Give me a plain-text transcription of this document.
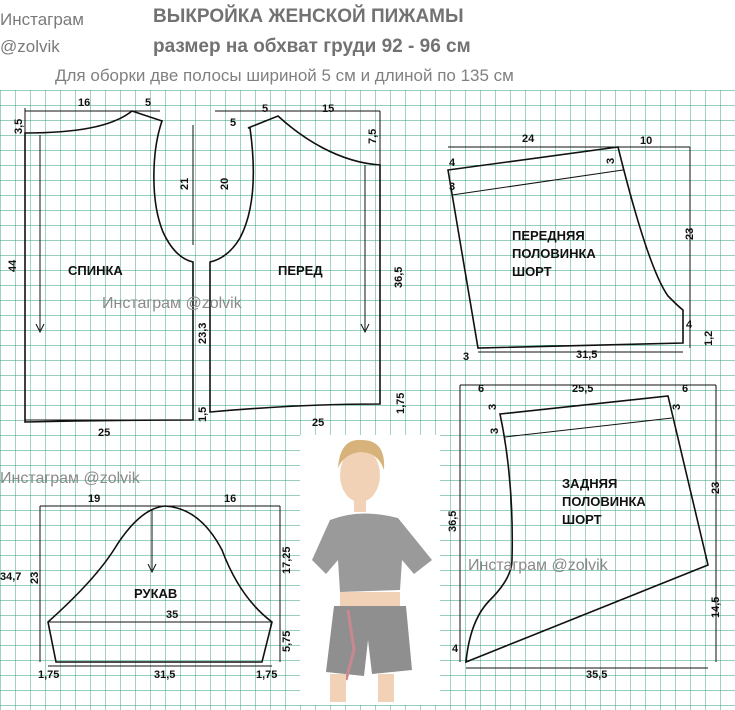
Инстаграм
@zolvik
ВЫКРОЙКА ЖЕНСКОЙ ПИЖАМЫ
размер на обхват груди 92 - 96 см
Для оборки две полосы шириной 5 см и длиной по 135 см
Инстаграм @zolvik
Инстаграм @zolvik
Инстаграм @zolvik
СПИНКА	ПЕРЕД
ПЕРЕДНЯЯ
ПОЛОВИНКА
ШОРТ
ЗАДНЯЯ
ПОЛОВИНКА
ШОРТ
РУКАВ
16	5
3,5
21
44
25
5
5	15
7,5
20
36,5
23,3
1,5
1,75
25
24	10
4
3
3
23
4
1,2
3	31,5
6	25,5	6
3
3
3
23
36,5
14,5
4
35,5
19	16
35
34,7 23
17,25
5,75
1,75	1,75
31,5
